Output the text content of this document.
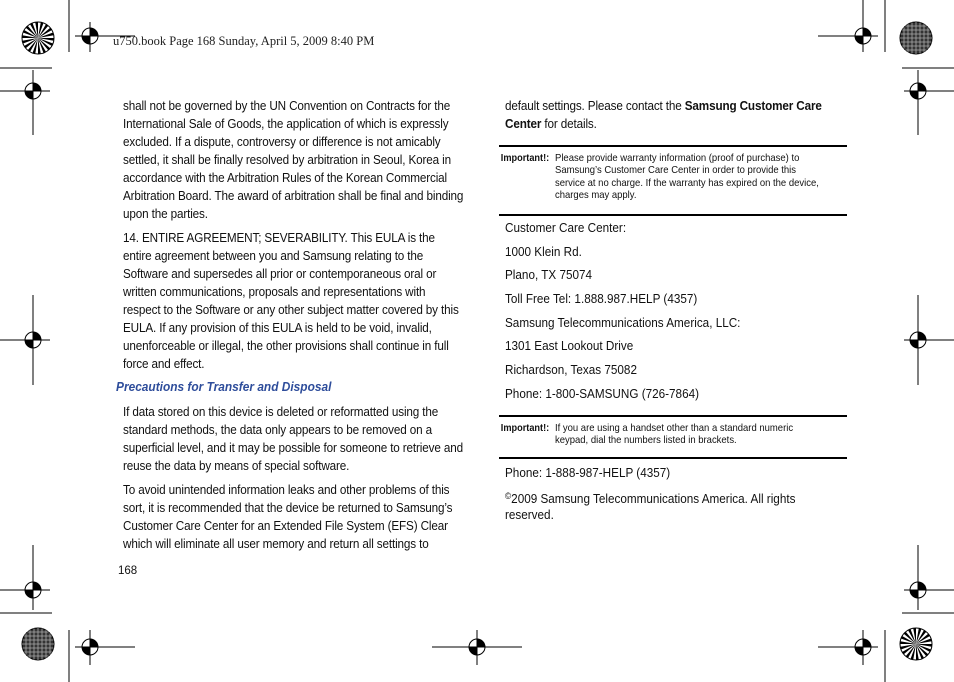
u750.book Page 168 Sunday, April 5, 2009 8:40 PM

shall not be governed by the UN Convention on Contracts for the International Sale of Goods, the application of which is expressly excluded. If a dispute, controversy or difference is not amicably settled, it shall be finally resolved by arbitration in Seoul, Korea in accordance with the Arbitration Rules of the Korean Commercial Arbitration Board. The award of arbitration shall be final and binding upon the parties.

14. ENTIRE AGREEMENT; SEVERABILITY. This EULA is the entire agreement between you and Samsung relating to the Software and supersedes all prior or contemporaneous oral or written communications, proposals and representations with respect to the Software or any other subject matter covered by this EULA. If any provision of this EULA is held to be void, invalid, unenforceable or illegal, the other provisions shall continue in full force and effect.

Precautions for Transfer and Disposal

If data stored on this device is deleted or reformatted using the standard methods, the data only appears to be removed on a superficial level, and it may be possible for someone to retrieve and reuse the data by means of special software.

To avoid unintended information leaks and other problems of this sort, it is recommended that the device be returned to Samsung’s Customer Care Center for an Extended File System (EFS) Clear which will eliminate all user memory and return all settings to

default settings. Please contact the Samsung Customer Care Center for details.

Important!: Please provide warranty information (proof of purchase) to Samsung’s Customer Care Center in order to provide this service at no charge. If the warranty has expired on the device, charges may apply.
Customer Care Center:
1000 Klein Rd.
Plano, TX 75074
Toll Free Tel: 1.888.987.HELP (4357)
Samsung Telecommunications America, LLC:
1301 East Lookout Drive
Richardson, Texas 75082
Phone: 1-800-SAMSUNG (726-7864)
Important!: If you are using a handset other than a standard numeric keypad, dial the numbers listed in brackets.
Phone: 1-888-987-HELP (4357)
©2009 Samsung Telecommunications America. All rights
reserved.
168
